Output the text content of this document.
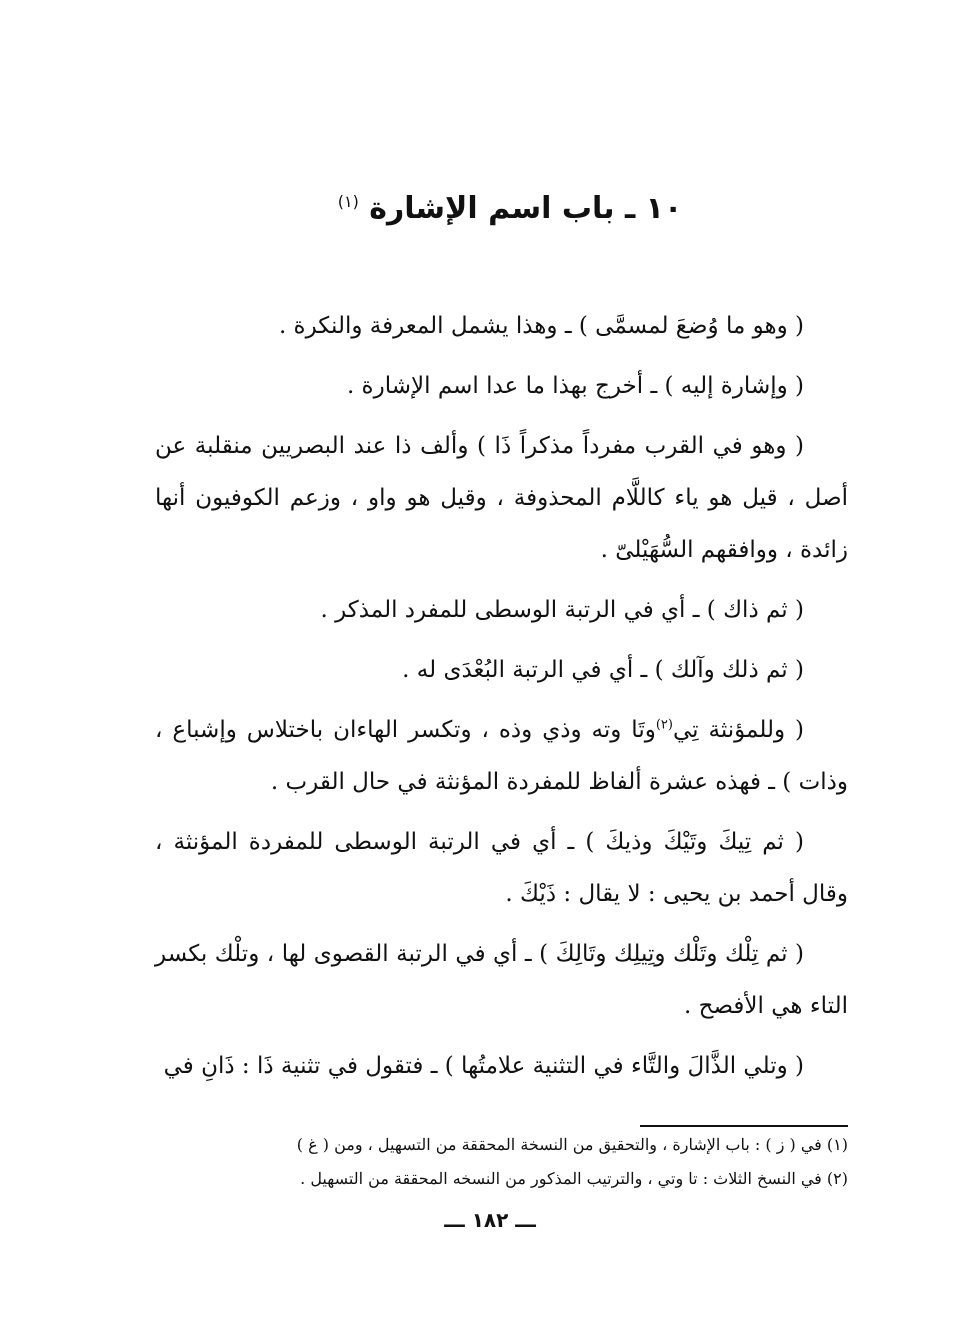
١٠ ـ باب اسم الإشارة $^{(١)}$

( وهو ما وُضعَ لمسمَّى ) ـ وهذا يشمل المعرفة والنكرة .

( وإشارة إليه ) ـ أخرج بهذا ما عدا اسم الإشارة .

( وهو في القرب مفرداً مذكراً ذَا ) وألف ذا عند البصريين منقلبة عن أصل ، قيل هو ياء كاللَّام المحذوفة ، وقيل هو واو ، وزعم الكوفيون أنها زائدة ، ووافقهم السُّهَيْلىّ .

( ثم ذاك ) ـ أي في الرتبة الوسطى للمفرد المذكر .

( ثم ذلك وآلك ) ـ أي في الرتبة البُعْدَى له .

( وللمؤنثة تِي$^{(٢)}$وتَا وته وذي وذه ، وتكسر الهاءان باختلاس وإشباع ، وذات ) ـ فهذه عشرة ألفاظ للمفردة المؤنثة في حال القرب .

( ثم تِيكَ وتَيْكَ وذيكَ ) ـ أي في الرتبة الوسطى للمفردة المؤنثة ، وقال أحمد بن يحيى : لا يقال : ذَيْكَ .

( ثم تِلْك وتَلْك وتِيلِك وتَالِكَ ) ـ أي في الرتبة القصوى لها ، وتلْك بكسر التاء هي الأفصح .

( وتلي الذَّالَ والتَّاء في التثنية علامتُها ) ـ فتقول في تثنية ذَا : ذَانِ في

(١) في ( ز ) : باب الإشارة ، والتحقيق من النسخة المحققة من التسهيل ، ومن ( غ )

(٢) في النسخ الثلاث : تا وتي ، والترتيب المذكور من النسخه المحققة من التسهيل .

ـــ ١٨٢ ـــ
